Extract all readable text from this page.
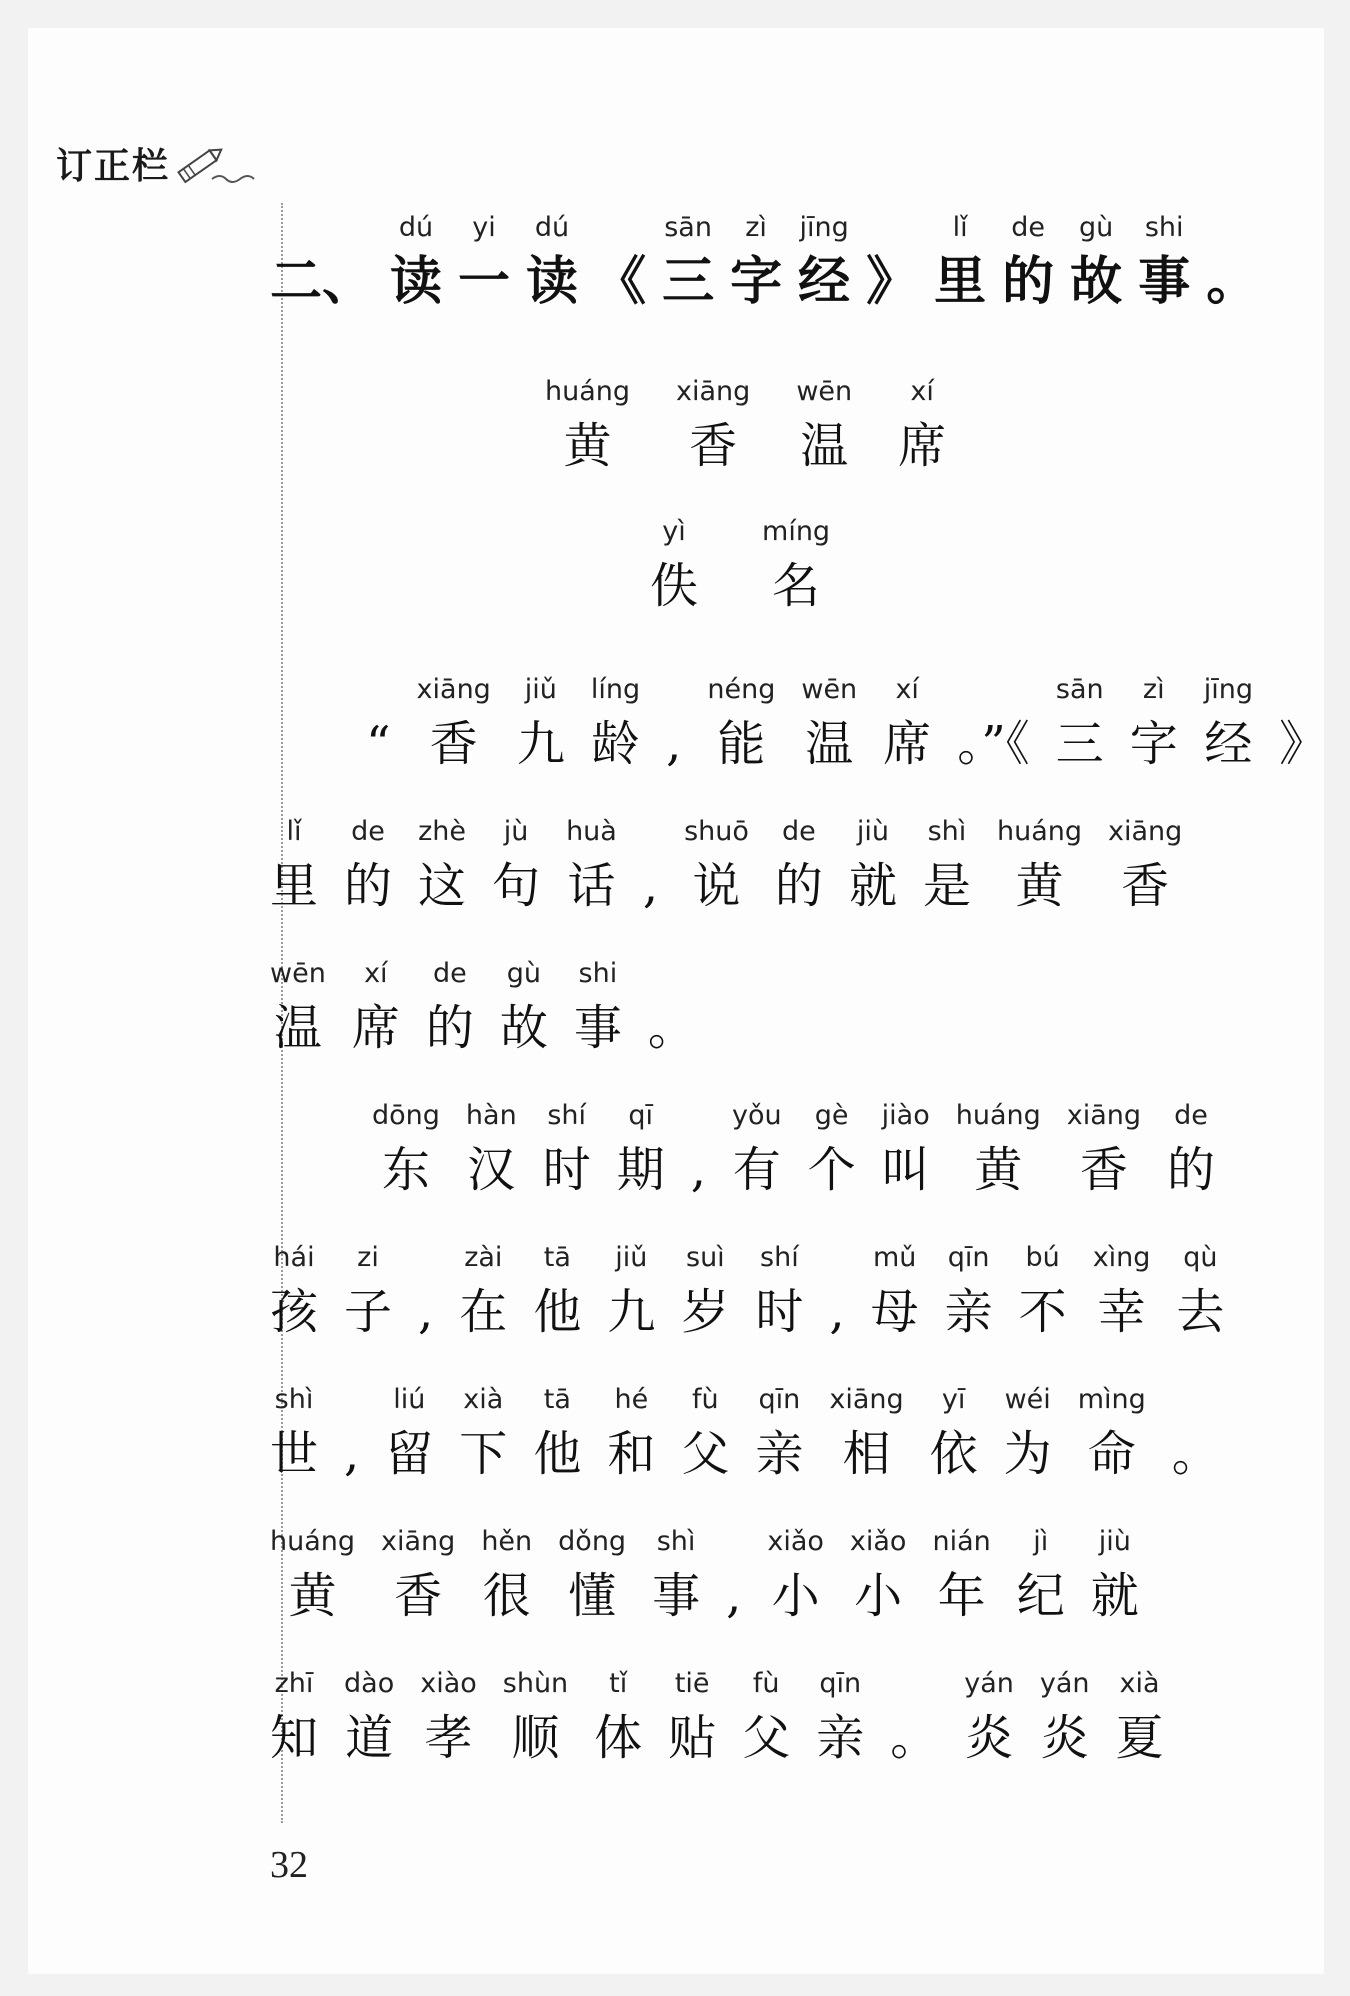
订正栏
二、
dú
读
yi
一
dú
读 《
sān
三
zì
字
jīng
经 》
lǐ
里
de
的
gù
故
shi
事 。
huáng
黄
xiāng
香
wēn
温
xí
席
yì
佚
míng
名
“
xiāng
香
jiǔ
九
líng
龄 ,
néng
能
wēn
温
xí
席 。”《
sān
三
zì
字
jīng
经 》
lǐ
里
de
的
zhè
这
jù
句
huà
话 ,
shuō
说
de
的
jiù
就
shì
是
huáng
黄
xiāng
香
wēn
温
xí
席
de
的
gù
故
shi
事 。
dōng
东
hàn
汉
shí
时
qī
期 ,
yǒu
有
gè
个
jiào
叫
huáng
黄
xiāng
香
de
的
hái
孩
zi
子 ,
zài
在
tā
他
jiǔ
九
suì
岁
shí
时 ,
mǔ
母
qīn
亲
bú
不
xìng
幸
qù
去
shì
世 ,
liú
留
xià
下
tā
他
hé
和
fù
父
qīn
亲
xiāng
相
yī
依
wéi
为
mìng
命 。
huáng
黄
xiāng
香
hěn
很
dǒng
懂
shì
事 ,
xiǎo
小
xiǎo
小
nián
年
jì
纪
jiù
就
zhī
知
dào
道
xiào
孝
shùn
顺
tǐ
体
tiē
贴
fù
父
qīn
亲 。
yán
炎
yán
炎
xià
夏
32
